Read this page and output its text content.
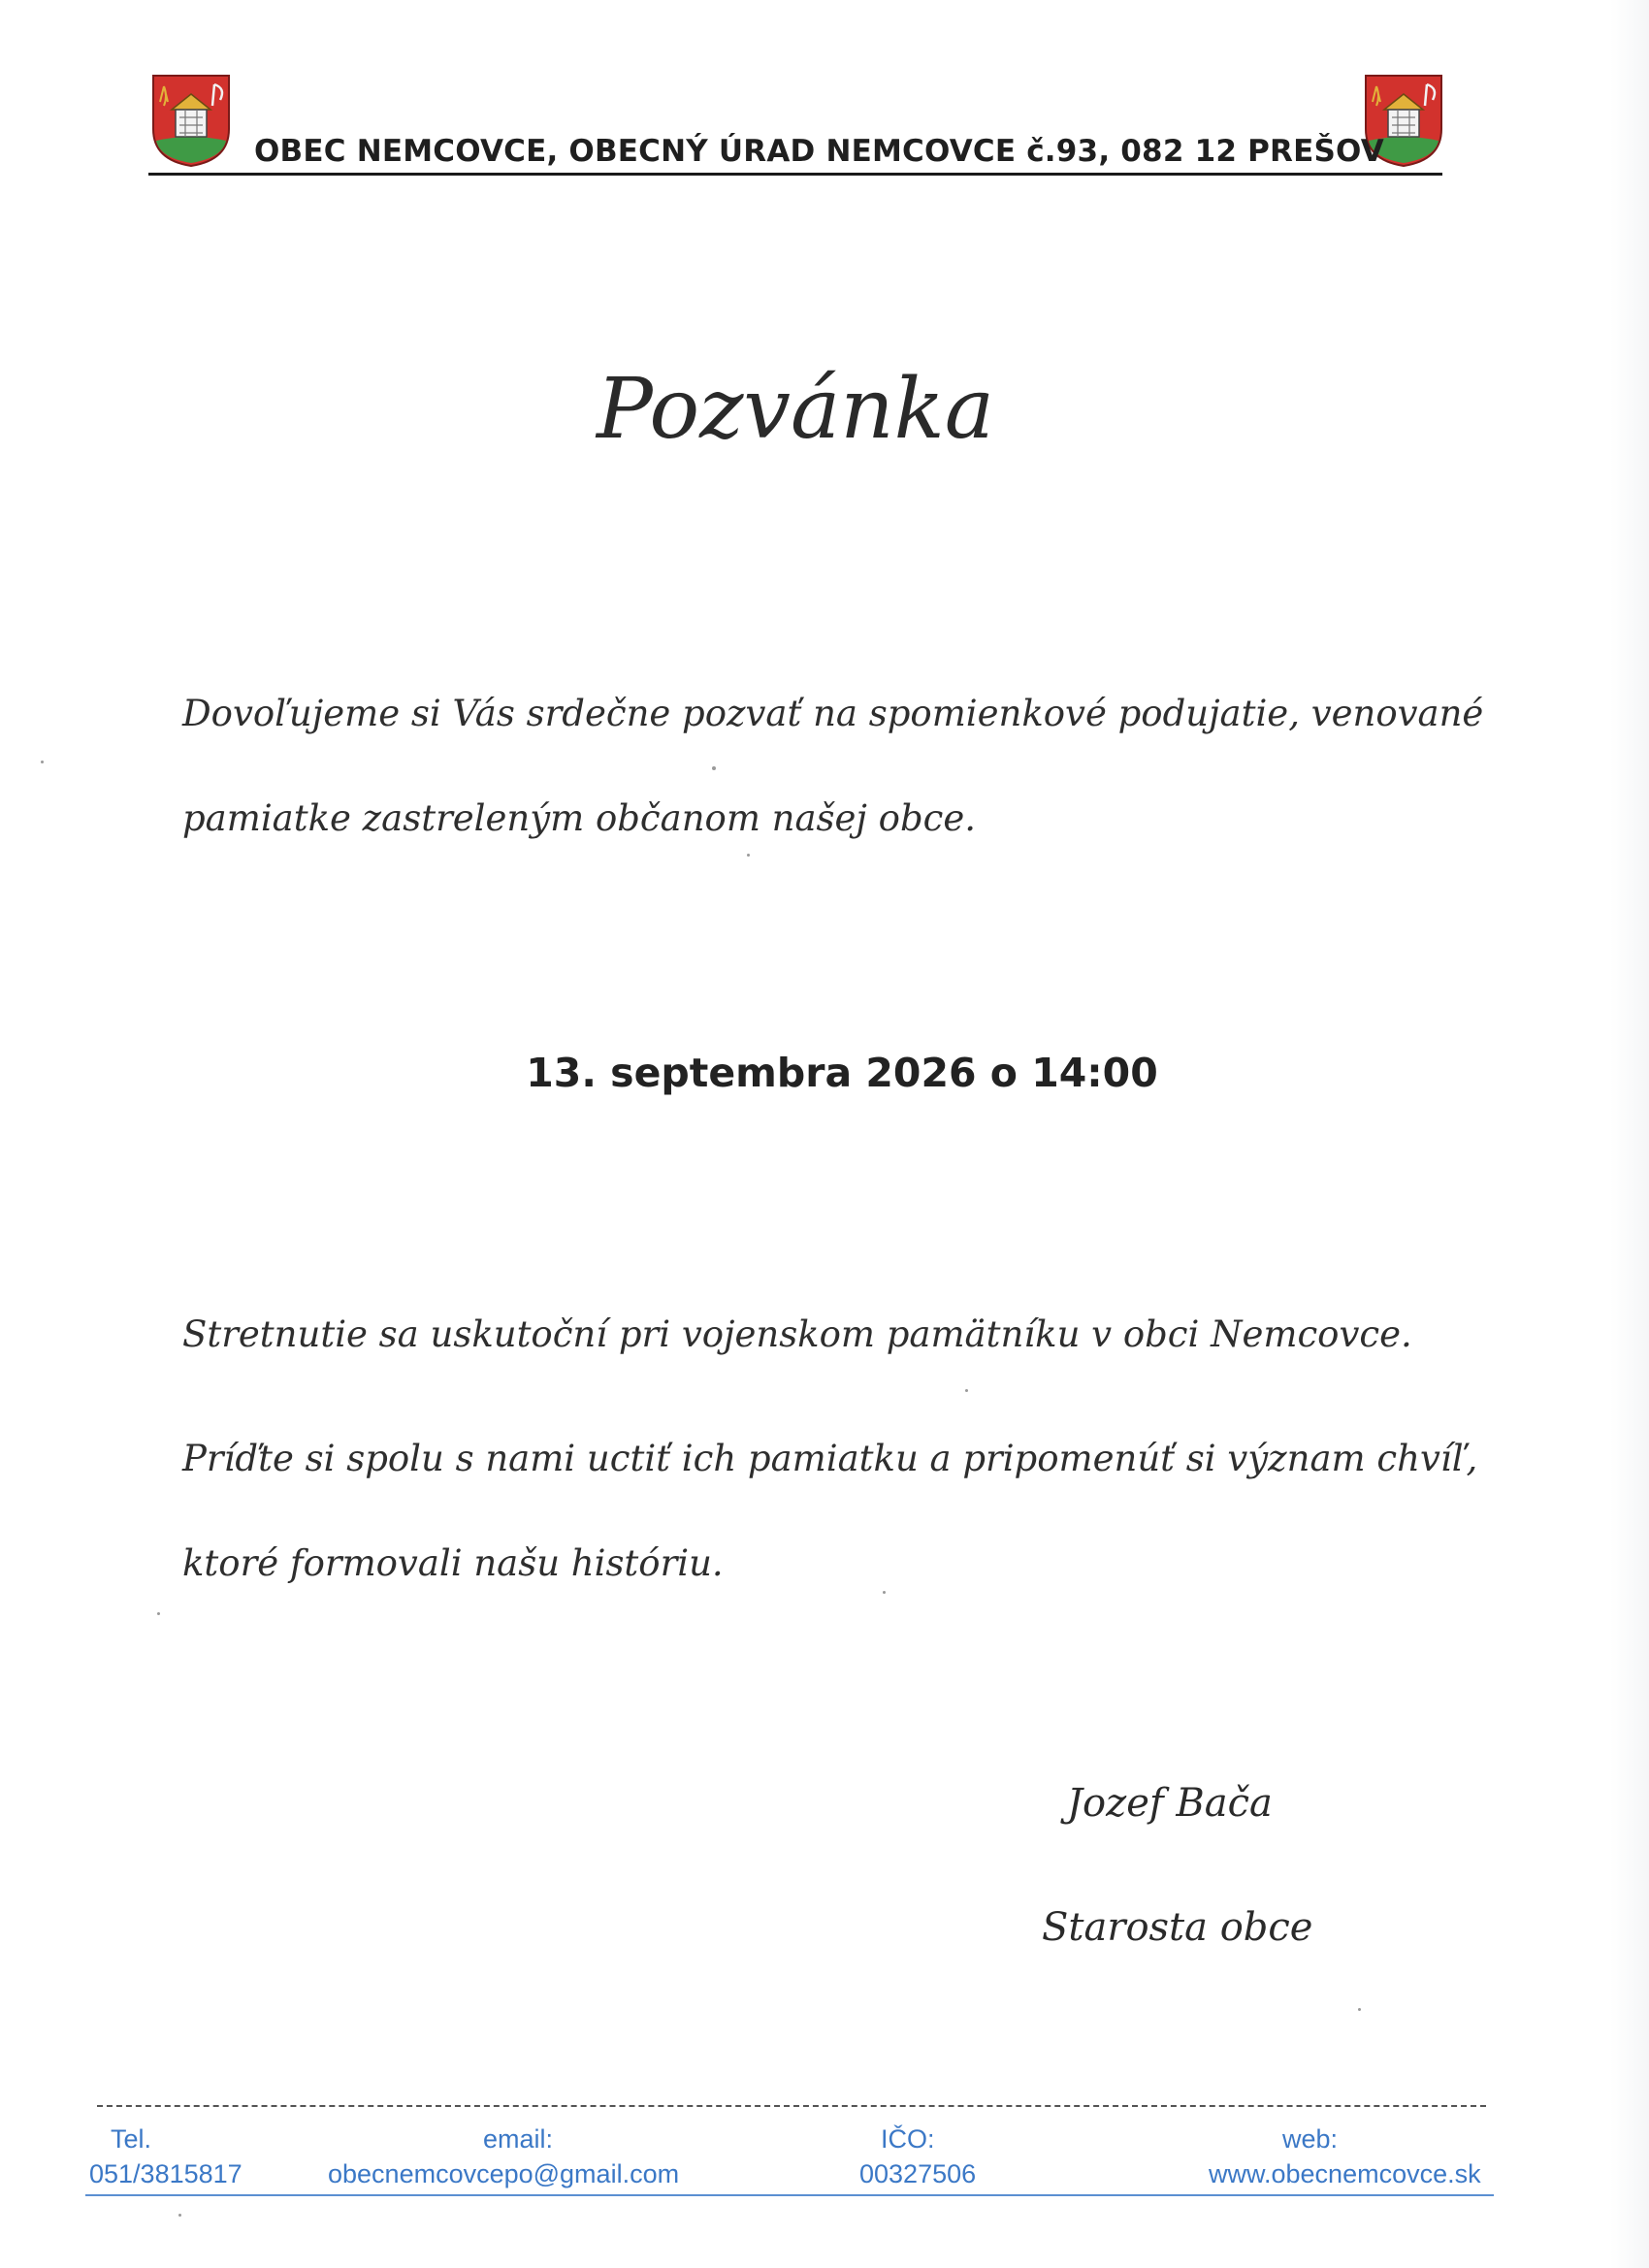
OBEC NEMCOVCE, OBECNÝ ÚRAD NEMCOVCE č.93, 082 12 PREŠOV
Pozvánka
Dovoľujeme si Vás srdečne pozvať na spomienkové podujatie, venované
pamiatke zastreleným občanom našej obce.
13. septembra 2026 o 14:00
Stretnutie sa uskutoční pri vojenskom pamätníku v obci Nemcovce.
Príďte si spolu s nami uctiť ich pamiatku a pripomenúť si význam chvíľ,
ktoré formovali našu históriu.
Jozef Bača
Starosta obce
Tel.
051/3815817
email:
obecnemcovcepo@gmail.com
IČO:
00327506
web:
www.obecnemcovce.sk
